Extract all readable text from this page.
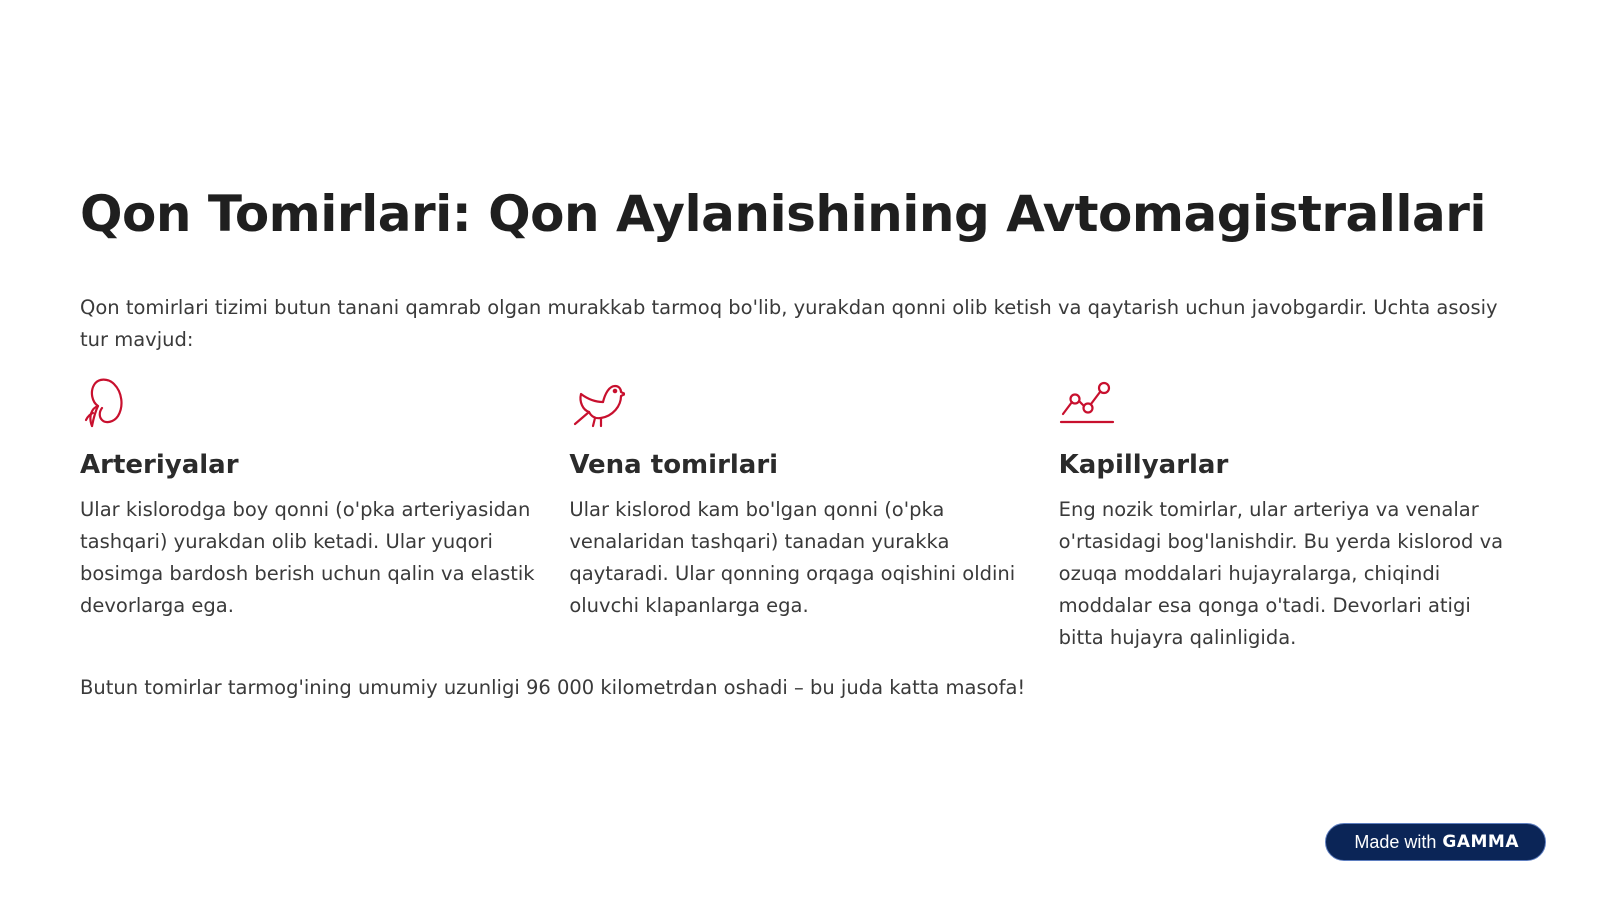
Qon Tomirlari: Qon Aylanishining Avtomagistrallari

Qon tomirlari tizimi butun tanani qamrab olgan murakkab tarmoq bo'lib, yurakdan qonni olib ketish va qaytarish uchun javobgardir. Uchta asosiy tur mavjud:

Arteriyalar

Ular kislorodga boy qonni (o'pka arteriyasidan tashqari) yurakdan olib ketadi. Ular yuqori bosimga bardosh berish uchun qalin va elastik devorlarga ega.

Vena tomirlari

Ular kislorod kam bo'lgan qonni (o'pka venalaridan tashqari) tanadan yurakka qaytaradi. Ular qonning orqaga oqishini oldini oluvchi klapanlarga ega.

Kapillyarlar

Eng nozik tomirlar, ular arteriya va venalar o'rtasidagi bog'lanishdir. Bu yerda kislorod va ozuqa moddalari hujayralarga, chiqindi moddalar esa qonga o'tadi. Devorlari atigi bitta hujayra qalinligida.

Butun tomirlar tarmog'ining umumiy uzunligi 96 000 kilometrdan oshadi – bu juda katta masofa!

Made with GAMMA
